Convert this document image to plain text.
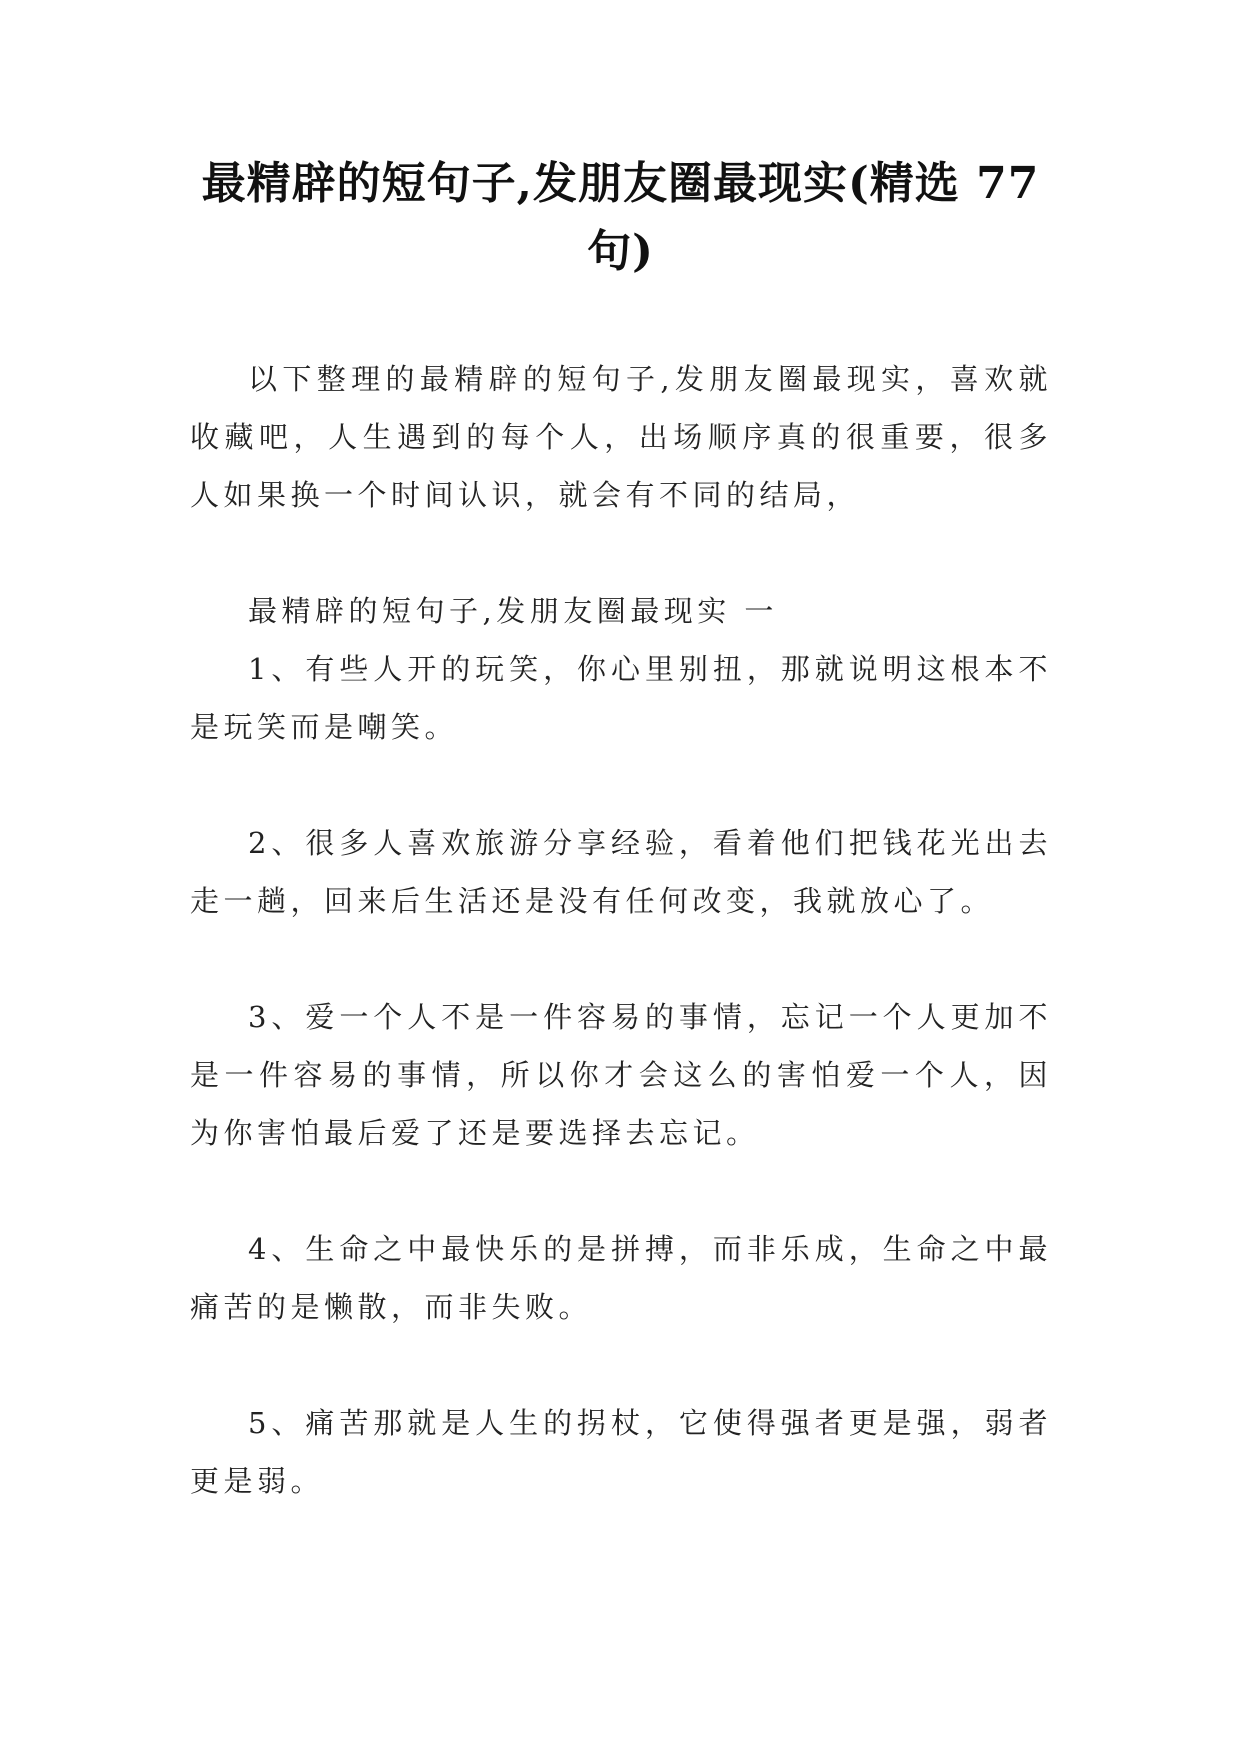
最精辟的短句子,发朋友圈最现实(精选 77 句)

以下整理的最精辟的短句子,发朋友圈最现实，喜欢就收藏吧，人生遇到的每个人，出场顺序真的很重要，很多人如果换一个时间认识，就会有不同的结局，

最精辟的短句子,发朋友圈最现实 一

1、有些人开的玩笑，你心里别扭，那就说明这根本不是玩笑而是嘲笑。

2、很多人喜欢旅游分享经验，看着他们把钱花光出去走一趟，回来后生活还是没有任何改变，我就放心了。

3、爱一个人不是一件容易的事情，忘记一个人更加不是一件容易的事情，所以你才会这么的害怕爱一个人，因为你害怕最后爱了还是要选择去忘记。

4、生命之中最快乐的是拼搏，而非乐成，生命之中最痛苦的是懒散，而非失败。

5、痛苦那就是人生的拐杖，它使得强者更是强，弱者更是弱。
